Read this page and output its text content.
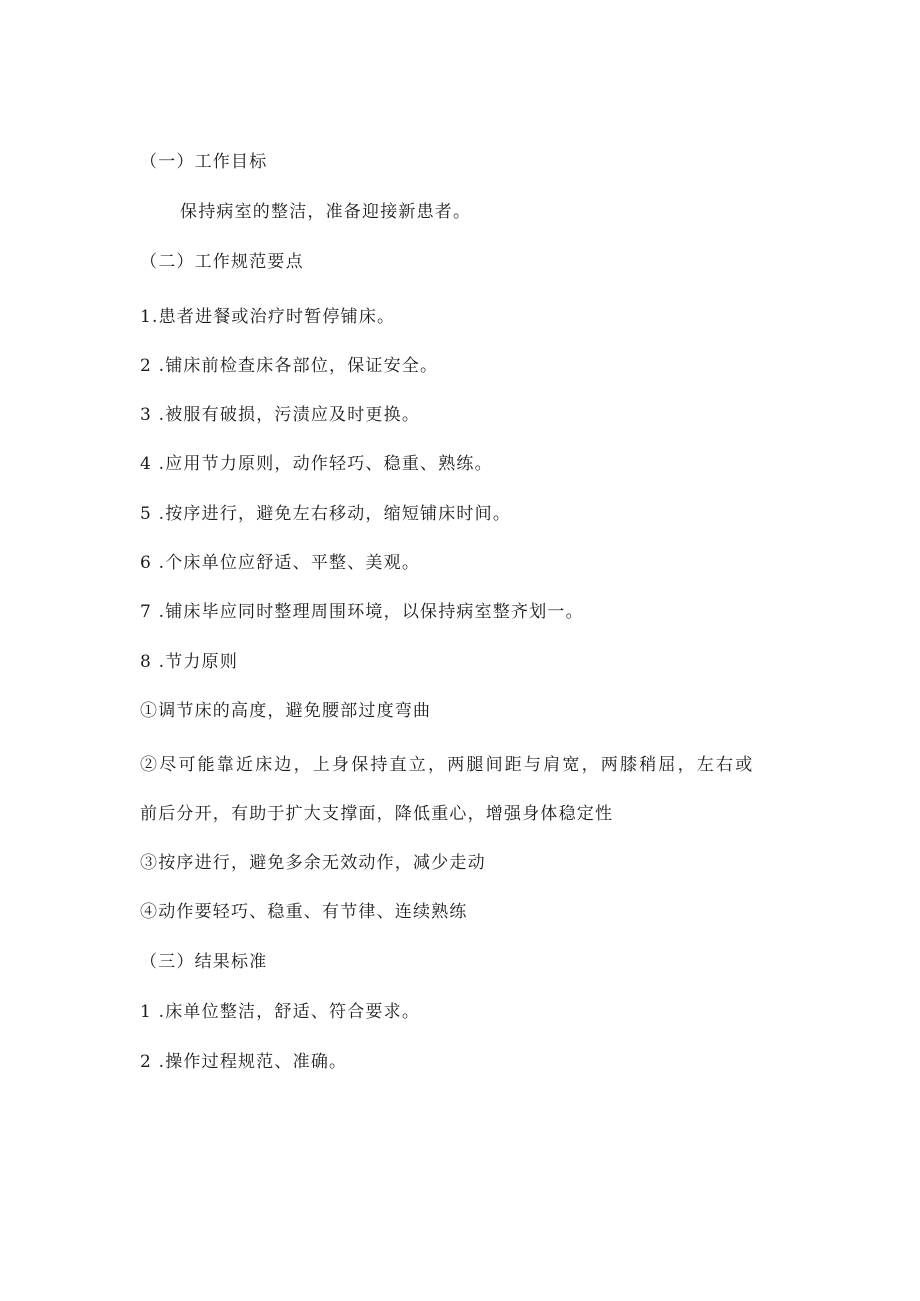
（一）工作目标
保持病室的整洁，准备迎接新患者。
（二）工作规范要点
1.患者进餐或治疗时暂停铺床。
2 .铺床前检查床各部位，保证安全。
3 .被服有破损，污渍应及时更换。
4 .应用节力原则，动作轻巧、稳重、熟练。
5 .按序进行，避免左右移动，缩短铺床时间。
6 .个床单位应舒适、平整、美观。
7 .铺床毕应同时整理周围环境，以保持病室整齐划一。
8 .节力原则
①调节床的高度，避免腰部过度弯曲
②尽可能靠近床边，上身保持直立，两腿间距与肩宽，两膝稍屈，左右或
前后分开，有助于扩大支撑面，降低重心，增强身体稳定性
③按序进行，避免多余无效动作，减少走动
④动作要轻巧、稳重、有节律、连续熟练
（三）结果标准
1 .床单位整洁，舒适、符合要求。
2 .操作过程规范、准确。
